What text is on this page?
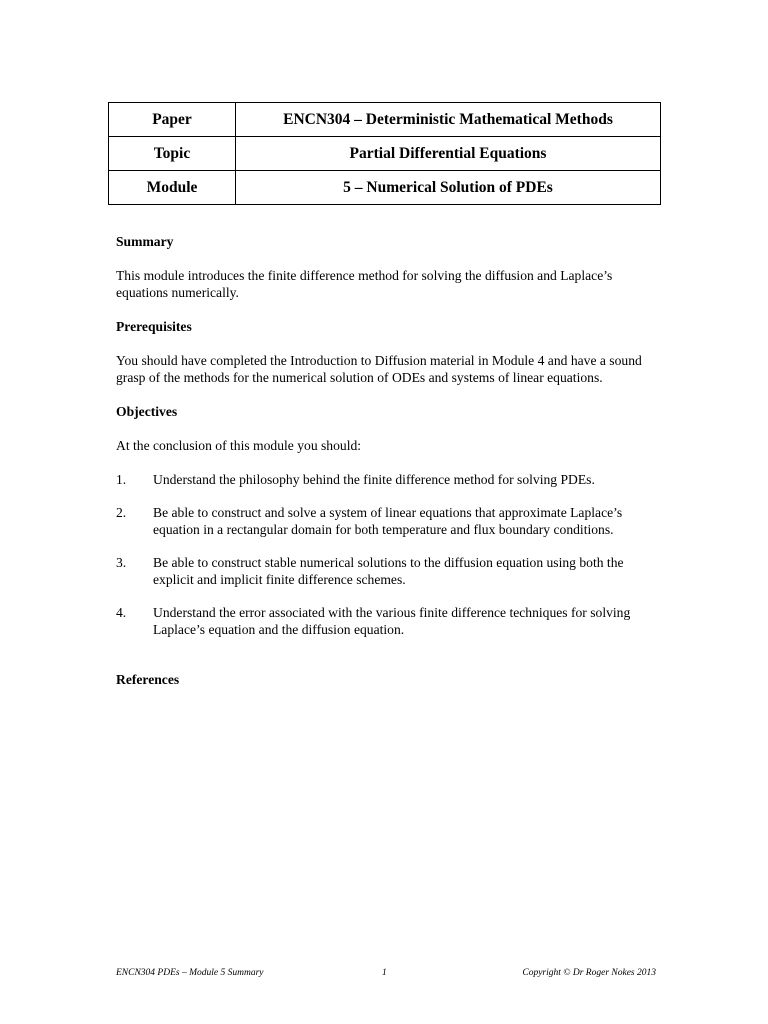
Paper	ENCN304 – Deterministic Mathematical Methods
Topic	Partial Differential Equations
Module	5 – Numerical Solution of PDEs

Summary

This module introduces the finite difference method for solving the diffusion and Laplace’s equations numerically.

Prerequisites

You should have completed the Introduction to Diffusion material in Module 4 and have a sound grasp of the methods for the numerical solution of ODEs and systems of linear equations.

Objectives

At the conclusion of this module you should:

1. Understand the philosophy behind the finite difference method for solving PDEs.
2. Be able to construct and solve a system of linear equations that approximate Laplace’s equation in a rectangular domain for both temperature and flux boundary conditions.
3. Be able to construct stable numerical solutions to the diffusion equation using both the explicit and implicit finite difference schemes.
4. Understand the error associated with the various finite difference techniques for solving Laplace’s equation and the diffusion equation.

References

ENCN304 PDEs – Module 5 Summary	1	Copyright © Dr Roger Nokes 2013
